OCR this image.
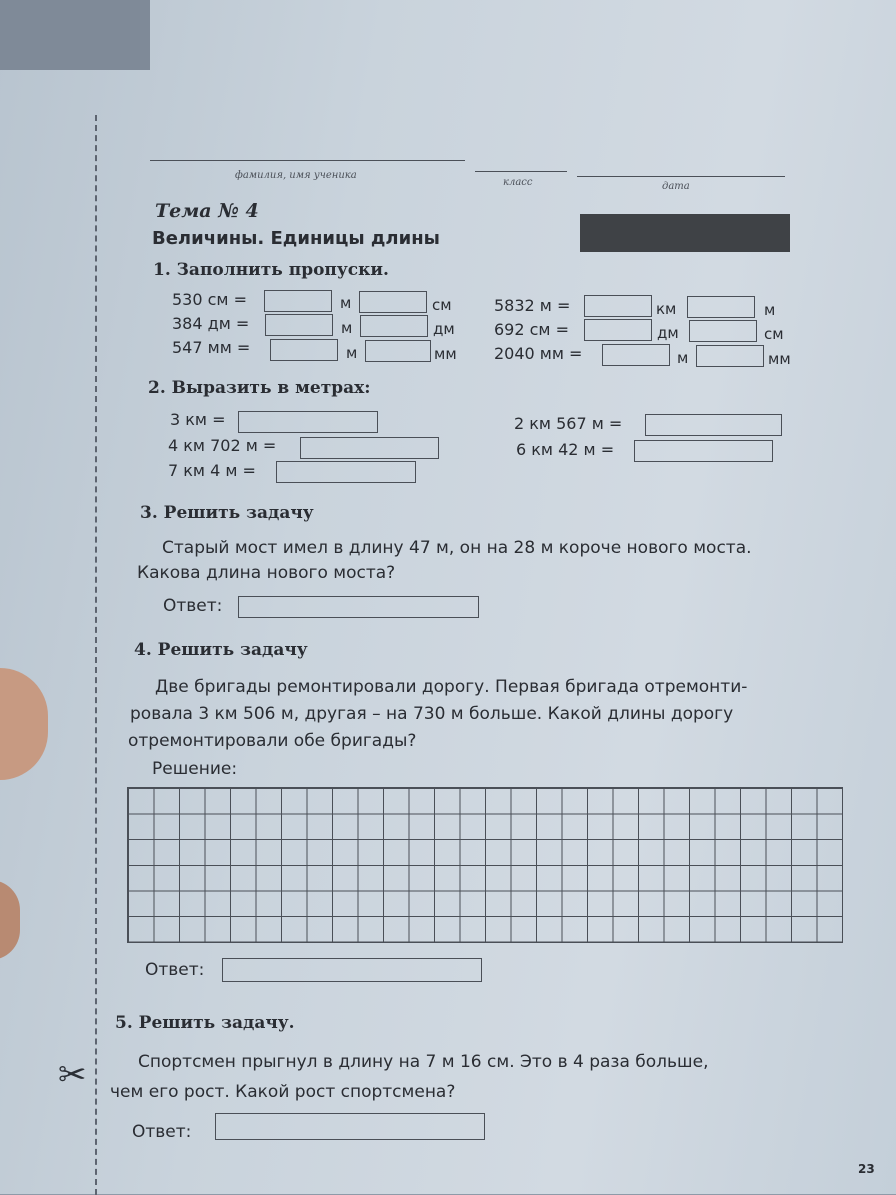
✂
фамилия, имя ученика
класс	дата
Тема № 4
Величины. Единицы длины
1. Заполнить пропуски.
530 см =	м	см
384 дм =	м	дм
547 мм =	м	мм
5832 м =	км	м
692 см =	дм	см
2040 мм =	м	мм
2. Выразить в метрах:
3 км =
4 км 702 м =
7 км 4 м =
2 км 567 м =
6 км 42 м =
3. Решить задачу
Старый мост имел в длину 47 м, он на 28 м короче нового моста.
Какова длина нового моста?
Ответ:
4. Решить задачу
Две бригады ремонтировали дорогу. Первая бригада отремонти-
ровала 3 км 506 м, другая – на 730 м больше. Какой длины дорогу
отремонтировали обе бригады?
Решение:
Ответ:
5. Решить задачу.
Спортсмен прыгнул в длину на 7 м 16 см. Это в 4 раза больше,
чем его рост. Какой рост спортсмена?
Ответ:
23
